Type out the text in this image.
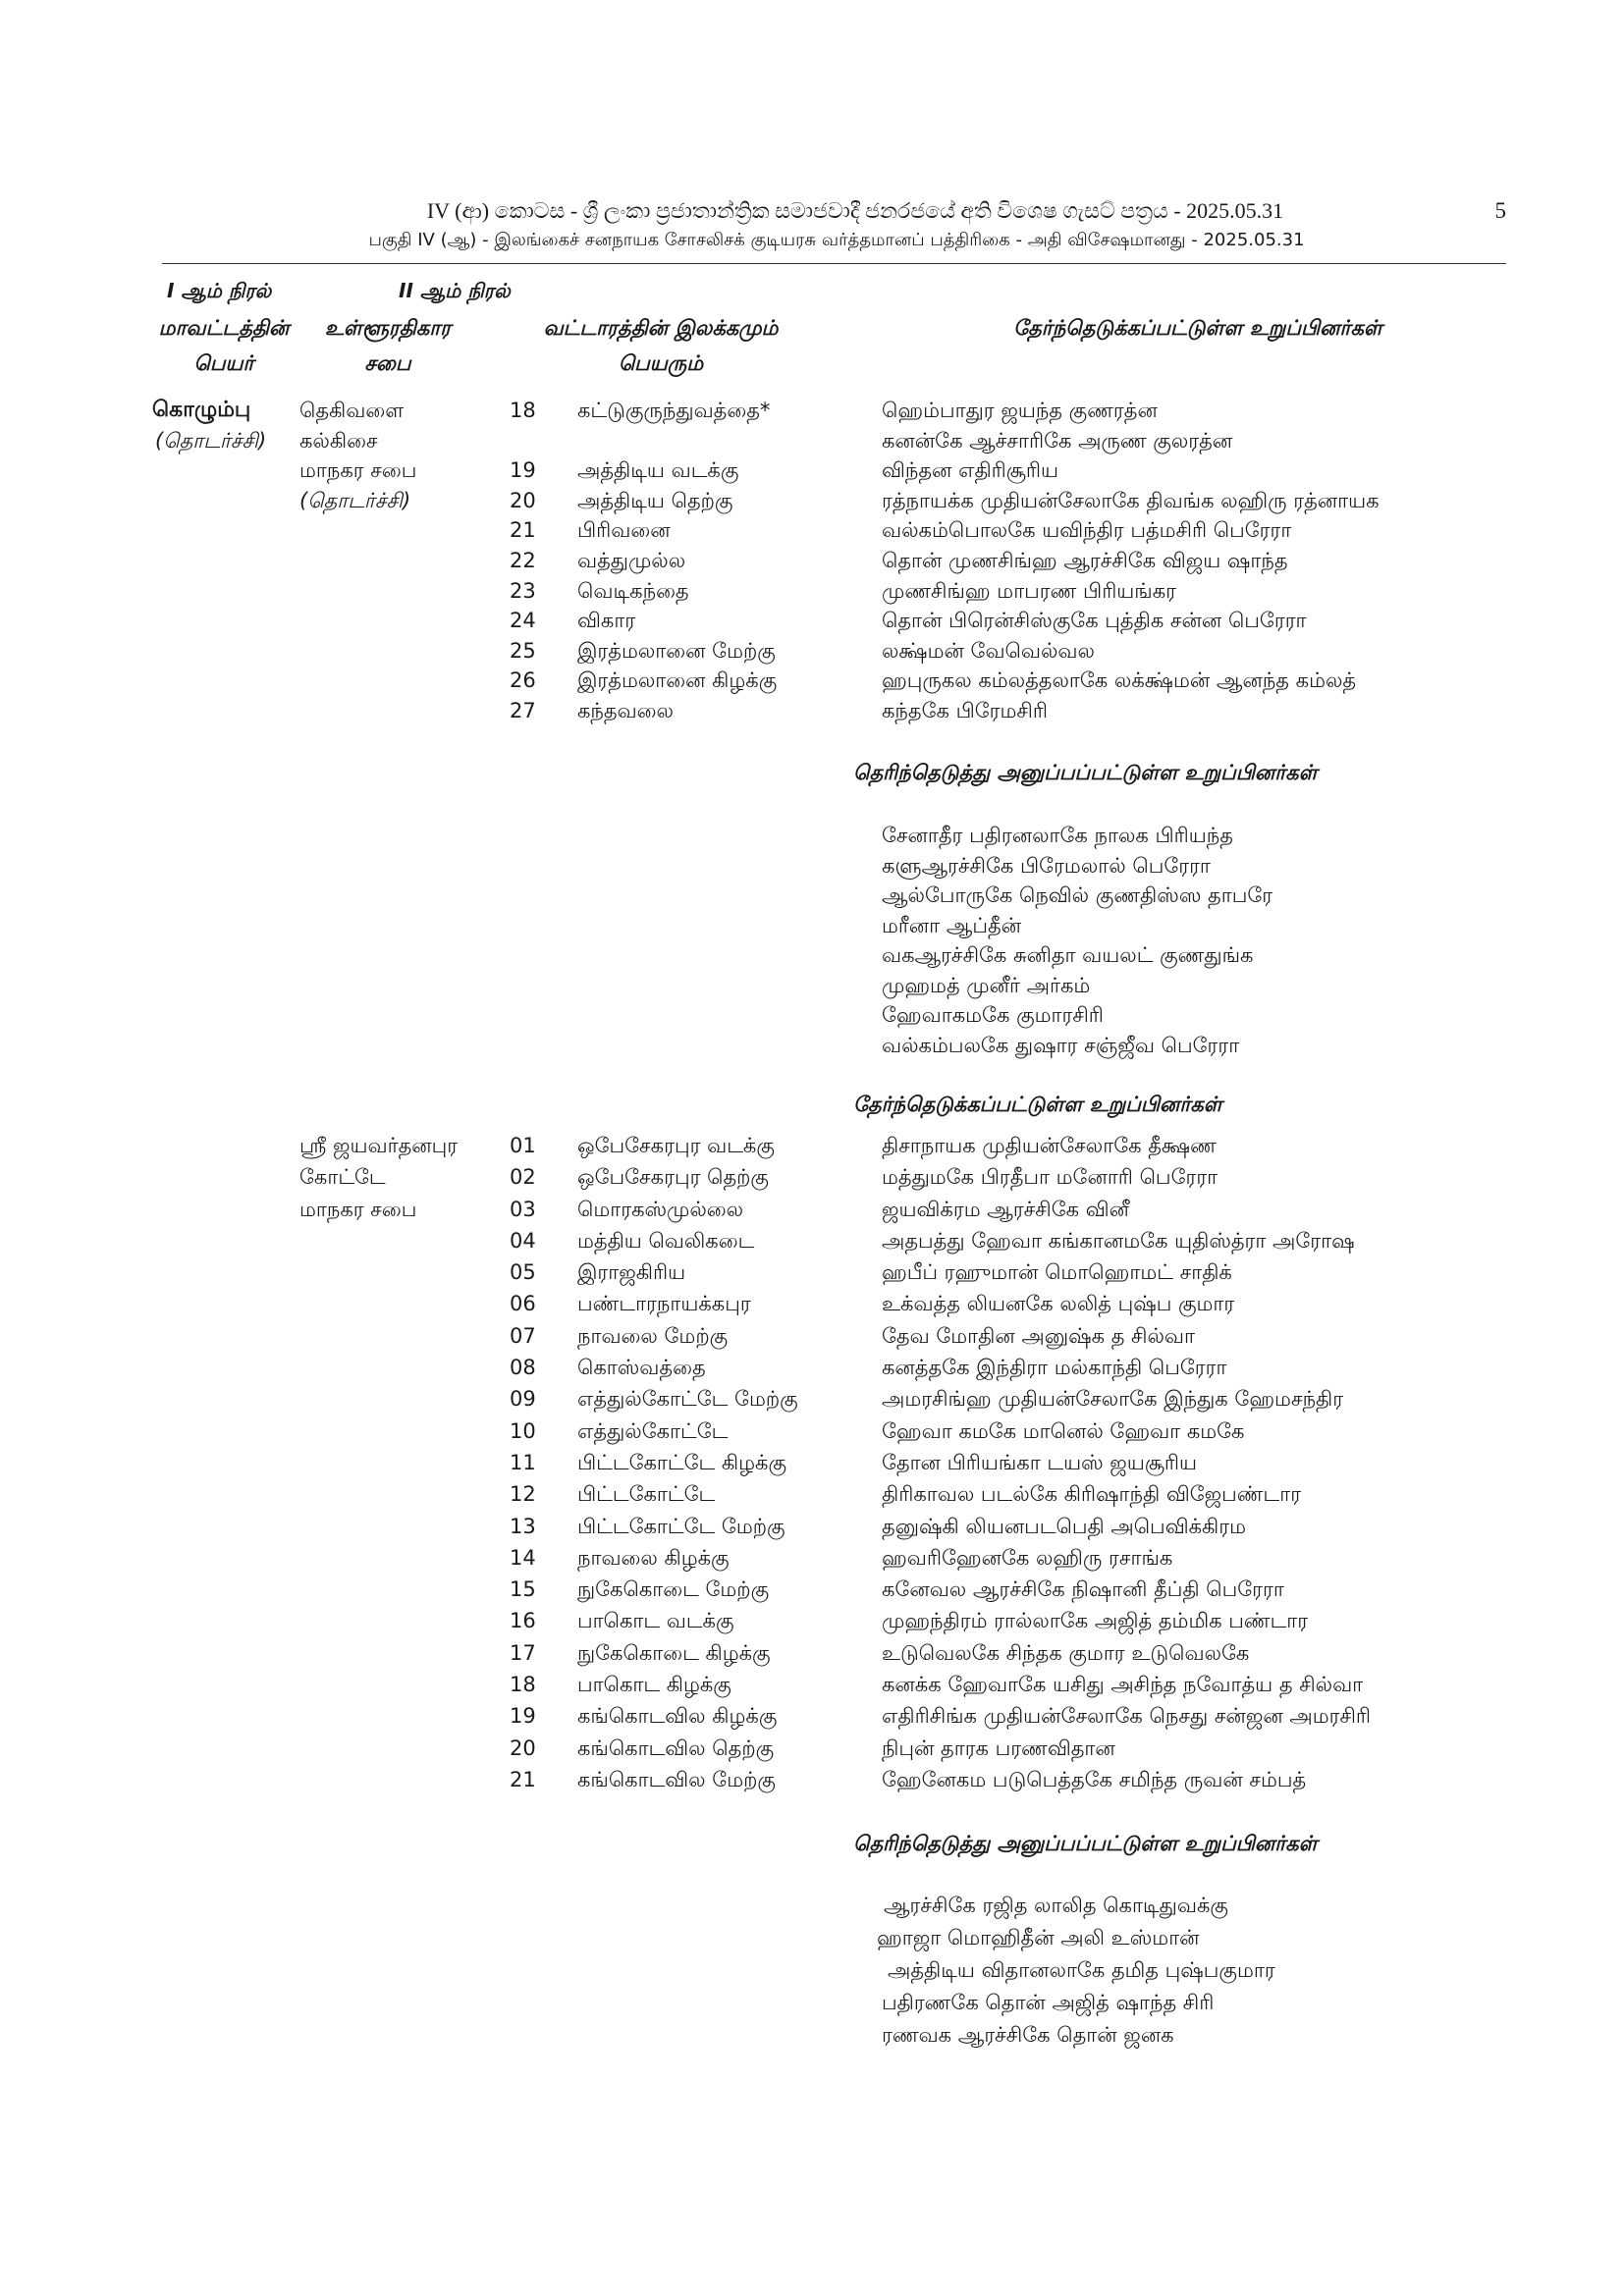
IV (ආ) කොටස - ශ්‍රී ලංකා ප්‍රජාතාන්ත්‍රික සමාජවාදී ජනරජයේ අති විශෙෂ ගැසට් පත්‍රය - 2025.05.31	5
பகுதி IV (ஆ) - இலங்கைச் சனநாயக சோசலிசக் குடியரசு வர்த்தமானப் பத்திரிகை - அதி விசேஷமானது - 2025.05.31
I ஆம் நிரல்	II ஆம் நிரல்
மாவட்டத்தின்	உள்ளூரதிகார	வட்டாரத்தின் இலக்கமும்	தேர்ந்தெடுக்கப்பட்டுள்ள உறுப்பினர்கள்
பெயர்	சபை	பெயரும்
கொழும்பு
(தொடர்ச்சி)
தெகிவளை
கல்கிசை
மாநகர சபை
(தொடர்ச்சி)
18 கட்டுகுருந்துவத்தை*	ஹெம்பாதுர ஜயந்த குணரத்ன
கனன்கே ஆச்சாரிகே அருண குலரத்ன
19 அத்திடிய வடக்கு	விந்தன எதிரிசூரிய
20 அத்திடிய தெற்கு	ரத்நாயக்க முதியன்சேலாகே திவங்க லஹிரு ரத்னாயக
21 பிரிவனை	வல்கம்பொலகே யவிந்திர பத்மசிரி பெரேரா
22 வத்துமுல்ல	தொன் முணசிங்ஹ ஆரச்சிகே விஜய ஷாந்த
23 வெடிகந்தை	முணசிங்ஹ மாபரண பிரியங்கர
24 விகார	தொன் பிரென்சிஸ்குகே புத்திக சன்ன பெரேரா
25 இரத்மலானை மேற்கு	லக்ஷ்மன் வேவெல்வல
26 இரத்மலானை கிழக்கு	ஹபுருகல கம்லத்தலாகே லக்க்ஷ்மன் ஆனந்த கம்லத்
27 கந்தவலை	கந்தகே பிரேமசிரி
தெரிந்தெடுத்து அனுப்பப்பட்டுள்ள உறுப்பினர்கள்
சேனாதீர பதிரனலாகே நாலக பிரியந்த
களுஆரச்சிகே பிரேமலால் பெரேரா
ஆல்போருகே நெவில் குணதிஸ்ஸ தாபரே
மரீனா ஆப்தீன்
வகஆரச்சிகே சுனிதா வயலட் குணதுங்க
முஹமத் முனீர் அர்கம்
ஹேவாகமகே குமாரசிரி
வல்கம்பலகே துஷார சஞ்ஜீவ பெரேரா
தேர்ந்தெடுக்கப்பட்டுள்ள உறுப்பினர்கள்
ஸ்ரீ ஜயவர்தனபுர
கோட்டே
மாநகர சபை
01 ஒபேசேகரபுர வடக்கு	திசாநாயக முதியன்சேலாகே தீக்ஷண
02 ஒபேசேகரபுர தெற்கு	மத்துமகே பிரதீபா மனோரி பெரேரா
03 மொரகஸ்முல்லை	ஜயவிக்ரம ஆரச்சிகே வினீ
04 மத்திய வெலிகடை	அதபத்து ஹேவா கங்கானமகே யுதிஸ்த்ரா அரோஷ
05 இராஜகிரிய	ஹபீப் ரஹுமான் மொஹொமட் சாதிக்
06 பண்டாரநாயக்கபுர	உக்வத்த லியனகே லலித் புஷ்ப குமார
07 நாவலை மேற்கு	தேவ மோதின அனுஷ்க த சில்வா
08 கொஸ்வத்தை	கனத்தகே இந்திரா மல்காந்தி பெரேரா
09 எத்துல்கோட்டே மேற்கு	அமரசிங்ஹ முதியன்சேலாகே இந்துக ஹேமசந்திர
10 எத்துல்கோட்டே	ஹேவா கமகே மானெல் ஹேவா கமகே
11 பிட்டகோட்டே கிழக்கு	தோன பிரியங்கா டயஸ் ஜயசூரிய
12 பிட்டகோட்டே	திரிகாவல படல்கே கிரிஷாந்தி விஜேபண்டார
13 பிட்டகோட்டே மேற்கு	தனுஷ்கி லியனபடபெதி அபெவிக்கிரம
14 நாவலை கிழக்கு	ஹவரிஹேனகே லஹிரு ரசாங்க
15 நுகேகொடை மேற்கு	கனேவல ஆரச்சிகே நிஷானி தீப்தி பெரேரா
16 பாகொட வடக்கு	முஹந்திரம் ரால்லாகே அஜித் தம்மிக பண்டார
17 நுகேகொடை கிழக்கு	உடுவெலகே சிந்தக குமார உடுவெலகே
18 பாகொட கிழக்கு	கனக்க ஹேவாகே யசிது அசிந்த நவோத்ய த சில்வா
19 கங்கொடவில கிழக்கு	எதிரிசிங்க முதியன்சேலாகே நெசது சன்ஜன அமரசிரி
20 கங்கொடவில தெற்கு	நிபுன் தாரக பரணவிதான
21 கங்கொடவில மேற்கு	ஹேனேகம படுபெத்தகே சமிந்த ருவன் சம்பத்
தெரிந்தெடுத்து அனுப்பப்பட்டுள்ள உறுப்பினர்கள்
ஆரச்சிகே ரஜித லாலித கொடிதுவக்கு
ஹாஜா மொஹிதீன் அலி உஸ்மான்
அத்திடிய விதானலாகே தமித புஷ்பகுமார
பதிரணகே தொன் அஜித் ஷாந்த சிரி
ரணவக ஆரச்சிகே தொன் ஜனக
